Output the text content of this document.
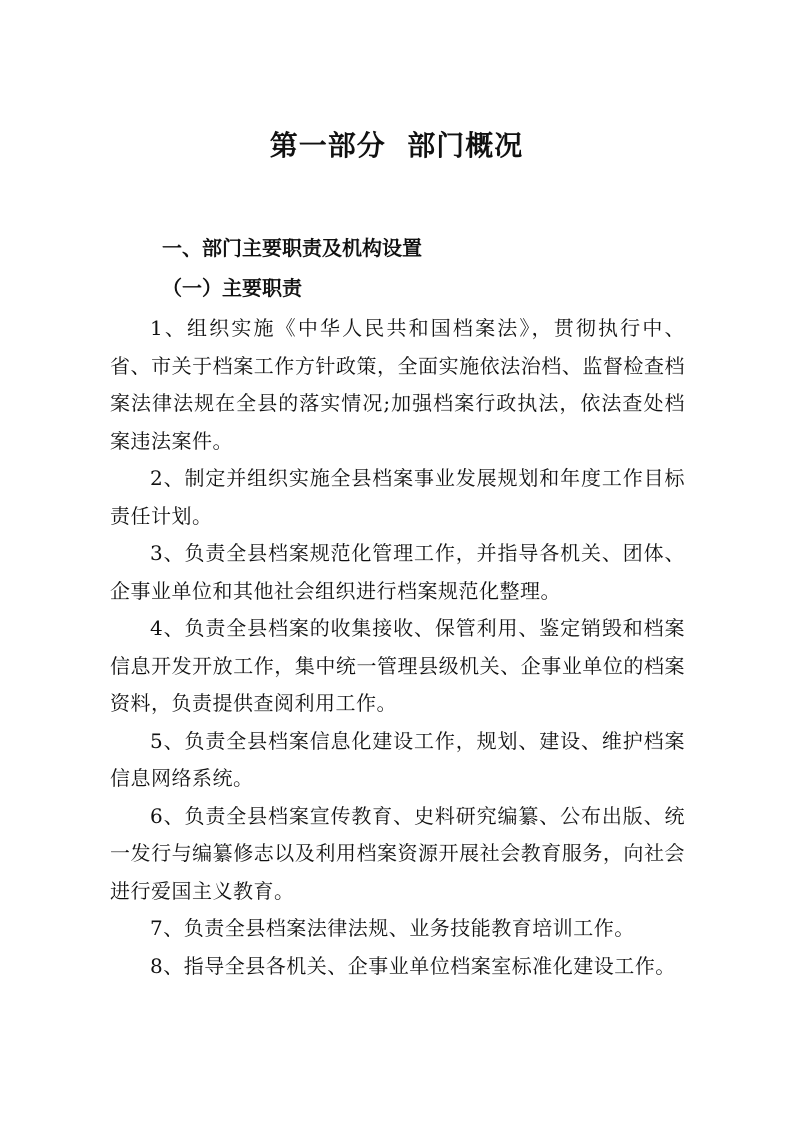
第一部分  部门概况
一、部门主要职责及机构设置
（一）主要职责

1、组织实施《中华人民共和国档案法》，贯彻执行中、省、市关于档案工作方针政策，全面实施依法治档、监督检查档案法律法规在全县的落实情况;加强档案行政执法，依法查处档案违法案件。

2、制定并组织实施全县档案事业发展规划和年度工作目标责任计划。

3、负责全县档案规范化管理工作，并指导各机关、团体、企事业单位和其他社会组织进行档案规范化整理。

4、负责全县档案的收集接收、保管利用、鉴定销毁和档案信息开发开放工作，集中统一管理县级机关、企事业单位的档案资料，负责提供查阅利用工作。

5、负责全县档案信息化建设工作，规划、建设、维护档案信息网络系统。

6、负责全县档案宣传教育、史料研究编纂、公布出版、统一发行与编纂修志以及利用档案资源开展社会教育服务，向社会进行爱国主义教育。

7、负责全县档案法律法规、业务技能教育培训工作。

8、指导全县各机关、企事业单位档案室标准化建设工作。
